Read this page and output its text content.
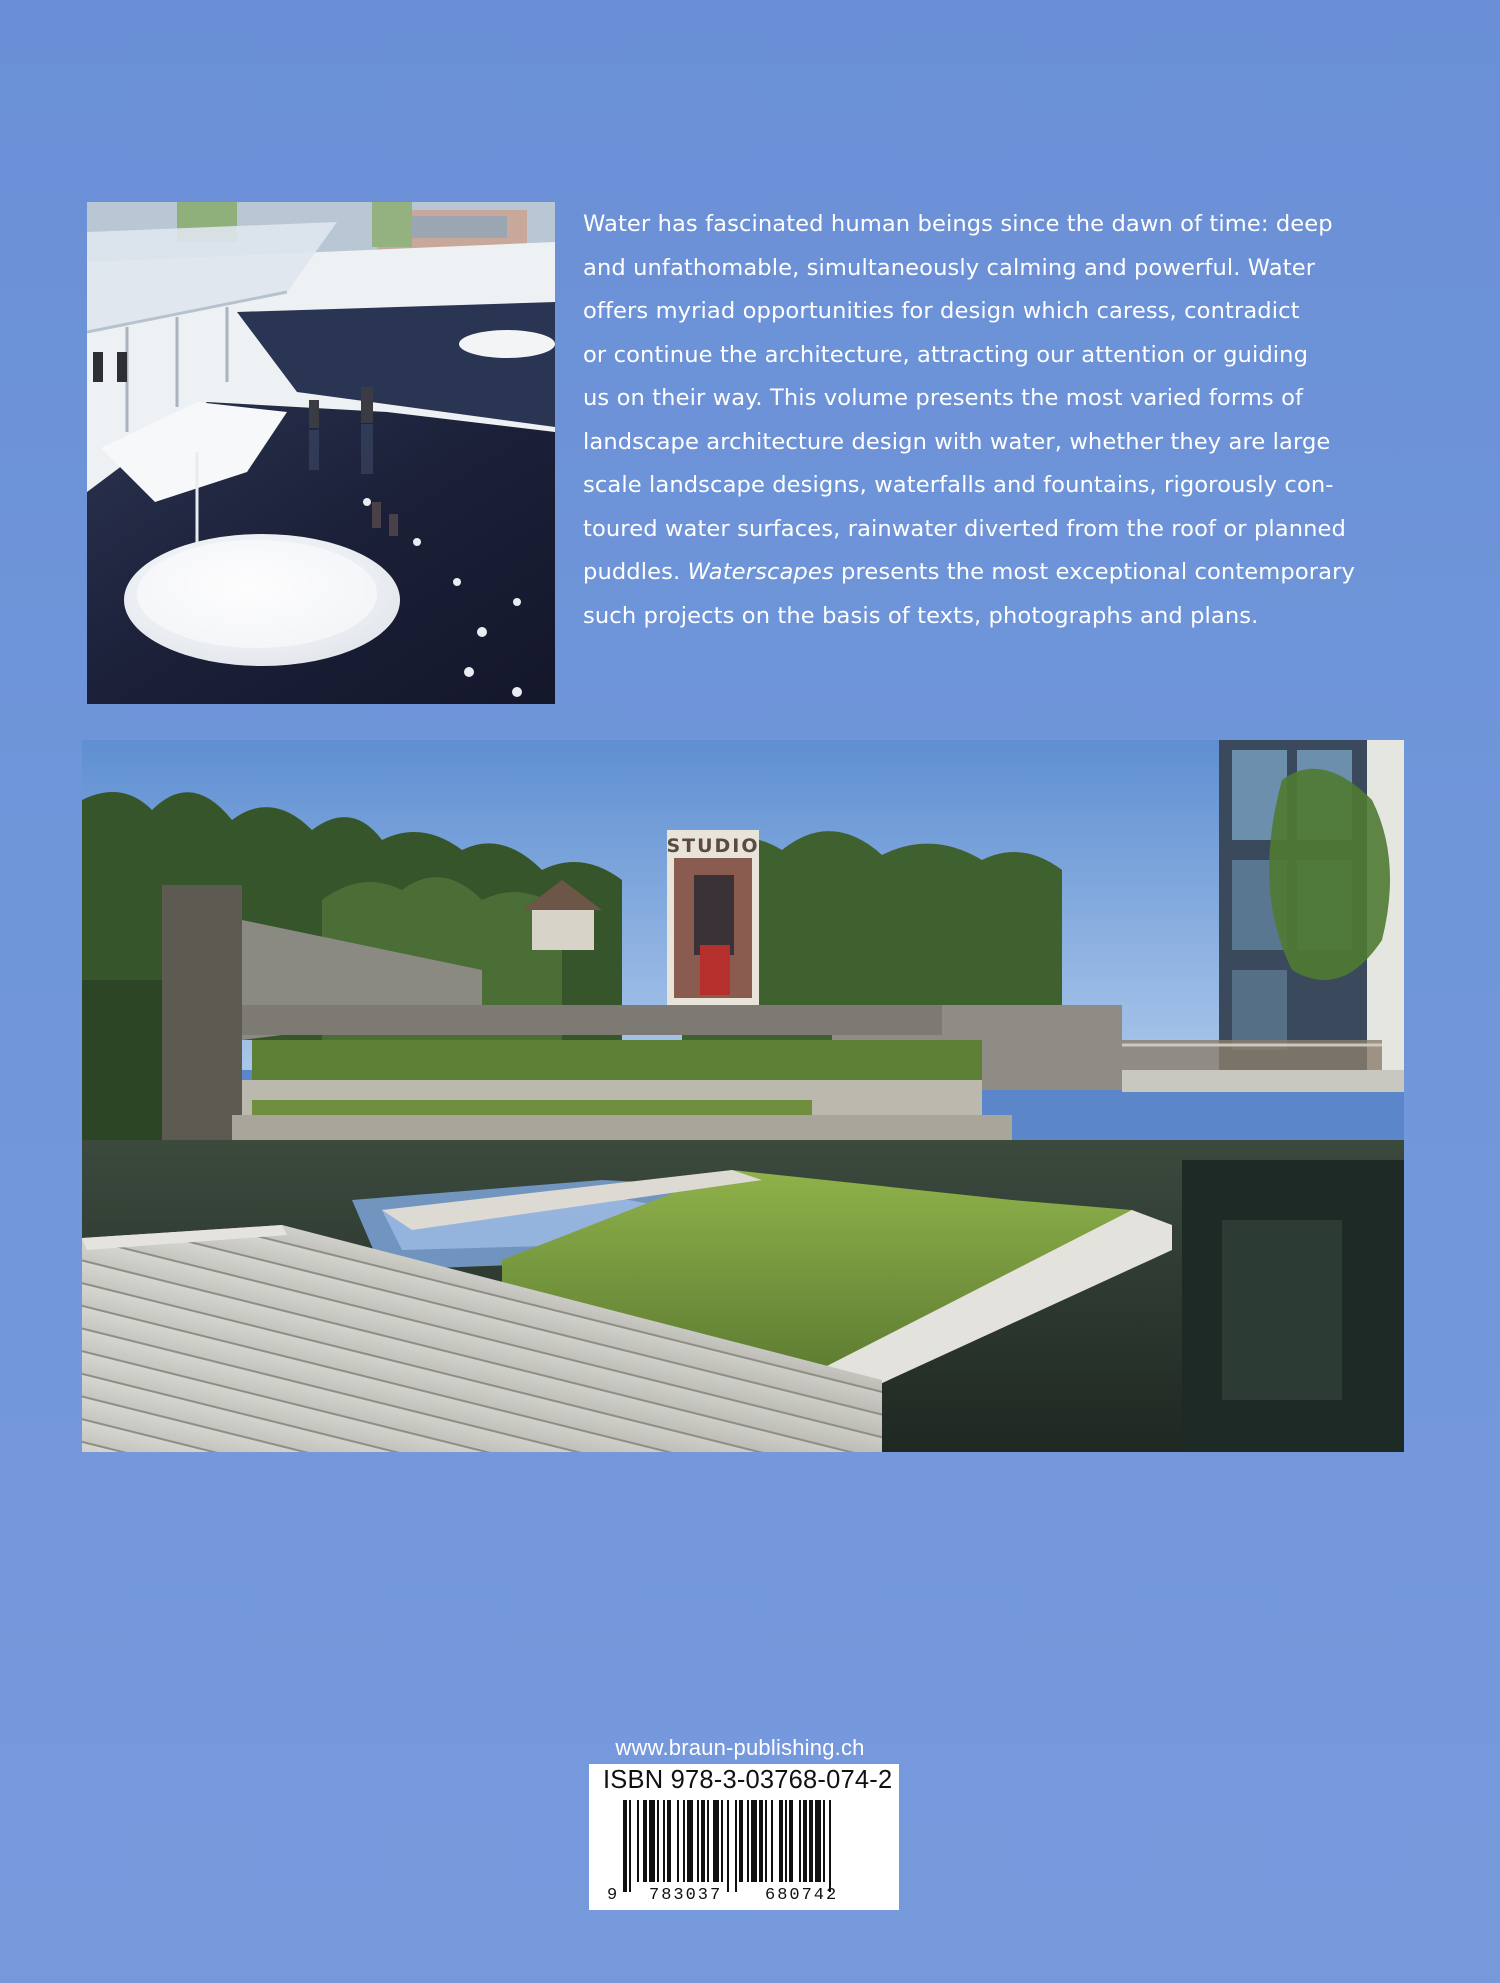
Water has fascinated human beings since the dawn of time: deep
and unfathomable, simultaneously calming and powerful. Water
offers myriad opportunities for design which caress, contradict
or continue the architecture, attracting our attention or guiding
us on their way. This volume presents the most varied forms of
landscape architecture design with water, whether they are large
scale landscape designs, waterfalls and fountains, rigorously con-
toured water surfaces, rainwater diverted from the roof or planned
puddles. Waterscapes presents the most exceptional contemporary
such projects on the basis of texts, photographs and plans.
STUDIO
www.braun-publishing.ch
ISBN 978-3-03768-074-2
9 783037	680742
